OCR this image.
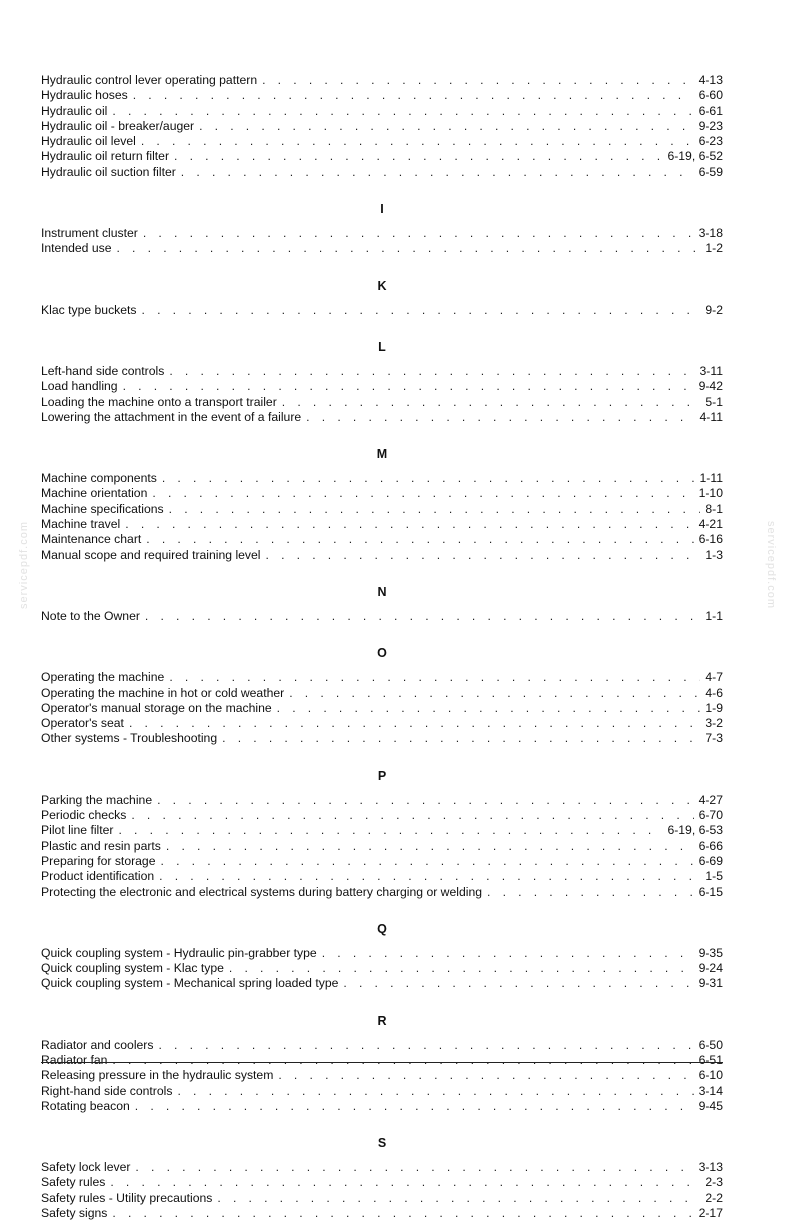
servicepdf.com	servicepdf.com
Hydraulic control lever operating pattern . . .	4-13
Hydraulic hoses . . .	6-60
Hydraulic oil . . .	6-61
Hydraulic oil - breaker/auger . . .	9-23
Hydraulic oil level . . .	6-23
Hydraulic oil return filter . . .	6-19, 6-52
Hydraulic oil suction filter . . .	6-59
I
Instrument cluster . . .	3-18
Intended use . . .	1-2
K
Klac type buckets . . .	9-2
L
Left-hand side controls . . .	3-11
Load handling . . .	9-42
Loading the machine onto a transport trailer . . .	5-1
Lowering the attachment in the event of a failure . . .	4-11
M
Machine components . . .	1-11
Machine orientation . . .	1-10
Machine specifications . . .	8-1
Machine travel . . .	4-21
Maintenance chart . . .	6-16
Manual scope and required training level . . .	1-3
N
Note to the Owner . . .	1-1
O
Operating the machine . . .	4-7
Operating the machine in hot or cold weather . . .	4-6
Operator's manual storage on the machine . . .	1-9
Operator's seat . . .	3-2
Other systems - Troubleshooting . . .	7-3
P
Parking the machine . . .	4-27
Periodic checks . . .	6-70
Pilot line filter . . .	6-19, 6-53
Plastic and resin parts . . .	6-66
Preparing for storage . . .	6-69
Product identification . . .	1-5
Protecting the electronic and electrical systems during battery charging or welding . . .	6-15
Q
Quick coupling system - Hydraulic pin-grabber type . . .	9-35
Quick coupling system - Klac type . . .	9-24
Quick coupling system - Mechanical spring loaded type . . .	9-31
R
Radiator and coolers . . .	6-50
Radiator fan . . .	6-51
Releasing pressure in the hydraulic system . . .	6-10
Right-hand side controls . . .	3-14
Rotating beacon . . .	9-45
S
Safety lock lever . . .	3-13
Safety rules . . .	2-3
Safety rules - Utility precautions . . .	2-2
Safety signs . . .	2-17
